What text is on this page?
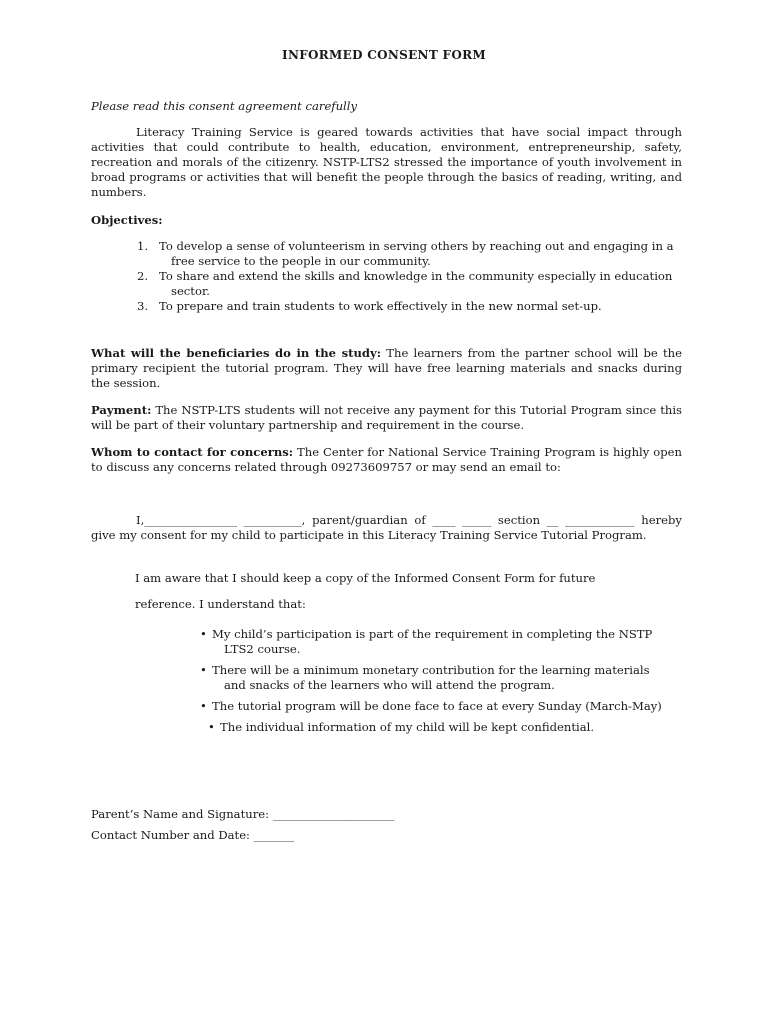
INFORMED CONSENT FORM

Please read this consent agreement carefully

Literacy Training Service is geared towards activities that have social impact through activities that could contribute to health, education, environment, entrepreneurship, safety, recreation and morals of the citizenry. NSTP-LTS2 stressed the importance of youth involvement in broad programs or activities that will benefit the people through the basics of reading, writing, and numbers.

Objectives:

1. To develop a sense of volunteerism in serving others by reaching out and engaging in a
free service to the people in our community.
2. To share and extend the skills and knowledge in the community especially in education
sector.
3. To prepare and train students to work effectively in the new normal set-up.

What will the beneficiaries do in the study: The learners from the partner school will be the primary recipient the tutorial program. They will have free learning materials and snacks during the session.

Payment: The NSTP-LTS students will not receive any payment for this Tutorial Program since this will be part of their voluntary partnership and requirement in the course.

Whom to contact for concerns: The Center for National Service Training Program is highly open to discuss any concerns related through 09273609757 or may send an email to:

I,________________ __________, parent/guardian of ____ _____ section __ ____________ hereby give my consent for my child to participate in this Literacy Training Service Tutorial Program.

I am aware that I should keep a copy of the Informed Consent Form for future

reference. I understand that:

• My child’s participation is part of the requirement in completing the NSTP
LTS2 course.
• There will be a minimum monetary contribution for the learning materials
and snacks of the learners who will attend the program.
• The tutorial program will be done face to face at every Sunday (March-May)
• The individual information of my child will be kept confidential.

Parent’s Name and Signature: _____________________

Contact Number and Date: _______
